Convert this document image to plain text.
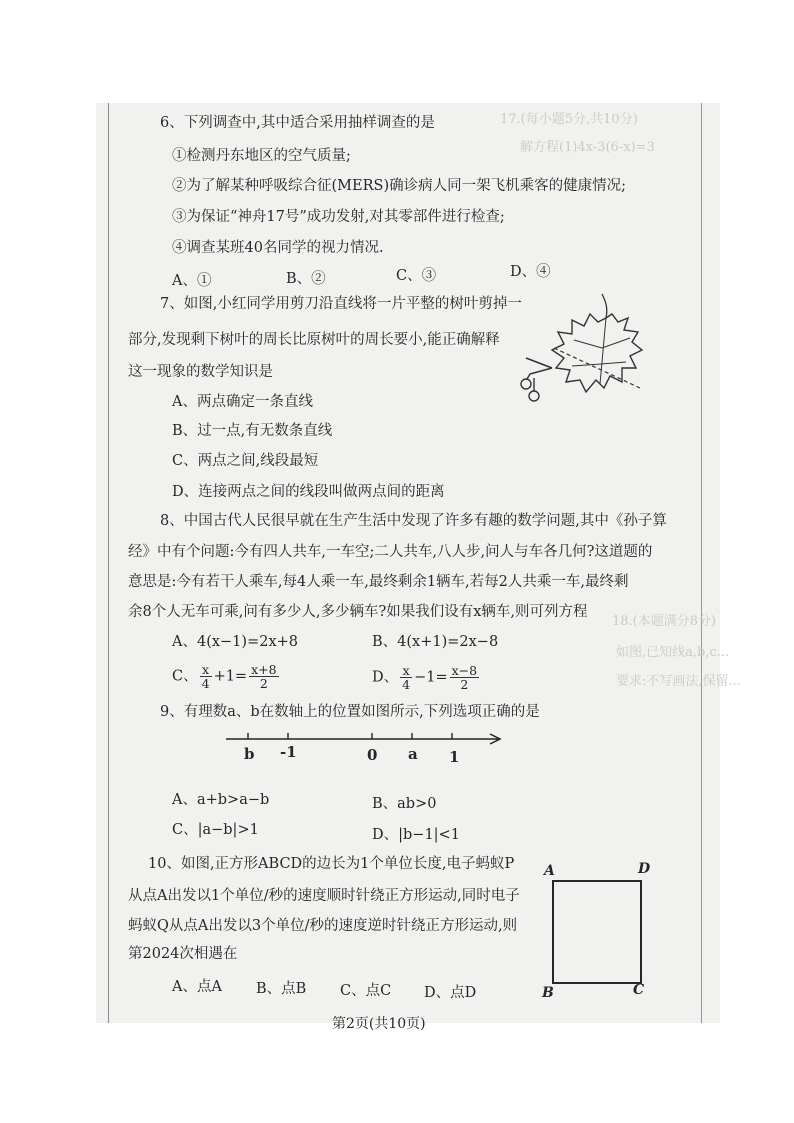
17.(每小题5分,共10分)
解方程(1)4x-3(6-x)=3
18.(本题满分8分)
如图,已知线a,b,c...
要求:不写画法,保留...
6、下列调查中,其中适合采用抽样调查的是
①检测丹东地区的空气质量;
②为了解某种呼吸综合征(MERS)确诊病人同一架飞机乘客的健康情况;
③为保证“神舟17号”成功发射,对其零部件进行检查;
④调查某班40名同学的视力情况.
A、①	B、②	C、③	D、④
7、如图,小红同学用剪刀沿直线将一片平整的树叶剪掉一
部分,发现剩下树叶的周长比原树叶的周长要小,能正确解释
这一现象的数学知识是
A、两点确定一条直线
B、过一点,有无数条直线
C、两点之间,线段最短
D、连接两点之间的线段叫做两点间的距离
8、中国古代人民很早就在生产生活中发现了许多有趣的数学问题,其中《孙子算
经》中有个问题:今有四人共车,一车空;二人共车,八人步,问人与车各几何?这道题的
意思是:今有若干人乘车,每4人乘一车,最终剩余1辆车,若每2人共乘一车,最终剩
余8个人无车可乘,问有多少人,多少辆车?如果我们设有x辆车,则可列方程
A、4(x−1)=2x+8	B、4(x+1)=2x−8
C、 $\frac{x}{4} +1= \frac{x+8}{2}$	D、 $\frac{x}{4} -1= \frac{x-8}{2}$
9、有理数a、b在数轴上的位置如图所示,下列选项正确的是
b -1	0 a 1
A、a+b>a−b	B、ab>0
C、|a−b|>1	D、|b−1|<1
10、如图,正方形ABCD的边长为1个单位长度,电子蚂蚁P
从点A出发以1个单位/秒的速度顺时针绕正方形运动,同时电子
蚂蚁Q从点A出发以3个单位/秒的速度逆时针绕正方形运动,则
第2024次相遇在
A、点A B、点B C、点C D、点D
A	D
B	C
第2页(共10页)
